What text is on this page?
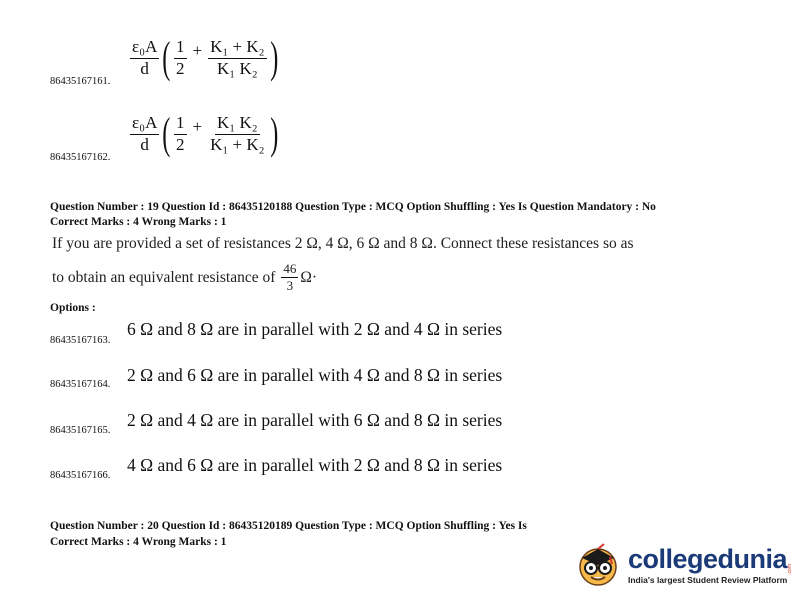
$\frac{\text{ε₀A}}{d}$ ( $\frac{1}{2} + \frac{\text{K₁ + K₂}}{\text{K₁ K₂}}$ )
86435167161.
$\frac{\text{ε₀A}}{d}$ ( $\frac{1}{2} + \frac{\text{K₁ K₂}}{\text{K₁ + K₂}}$ )
86435167162.
Question Number : 19 Question Id : 86435120188 Question Type : MCQ Option Shuffling : Yes Is Question Mandatory : No
Correct Marks : 4 Wrong Marks : 1
If you are provided a set of resistances 2 Ω, 4 Ω, 6 Ω and 8 Ω. Connect these resistances so as
to obtain an equivalent resistance of $\frac{46}{3} \Omega\cdot$
Options :
6 Ω and 8 Ω are in parallel with 2 Ω and 4 Ω in series
86435167163.
2 Ω and 6 Ω are in parallel with 4 Ω and 8 Ω in series
86435167164.
2 Ω and 4 Ω are in parallel with 6 Ω and 8 Ω in series
86435167165.
4 Ω and 6 Ω are in parallel with 2 Ω and 8 Ω in series
86435167166.
Question Number : 20 Question Id : 86435120189 Question Type : MCQ Option Shuffling : Yes Is
Correct Marks : 4 Wrong Marks : 1
collegedunia .com
India's largest Student Review Platform
